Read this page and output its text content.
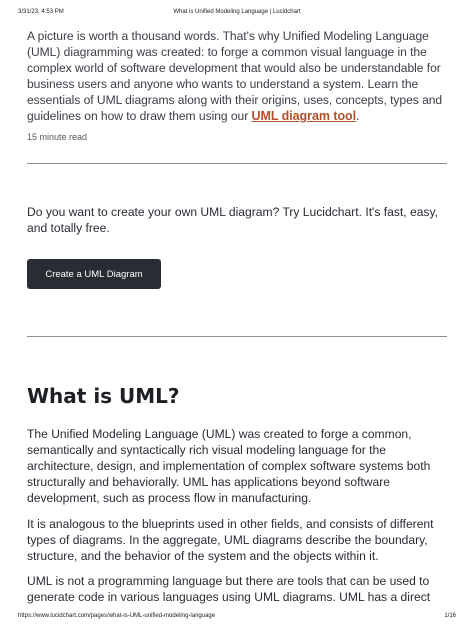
3/31/23, 4:53 PM	What is Unified Modeling Language | Lucidchart

A picture is worth a thousand words. That's why Unified Modeling Language (UML) diagramming was created: to forge a common visual language in the complex world of software development that would also be understandable for business users and anyone who wants to understand a system. Learn the essentials of UML diagrams along with their origins, uses, concepts, types and guidelines on how to draw them using our UML diagram tool.

15 minute read

Do you want to create your own UML diagram? Try Lucidchart. It's fast, easy, and totally free.

Create a UML Diagram
What is UML?

The Unified Modeling Language (UML) was created to forge a common, semantically and syntactically rich visual modeling language for the architecture, design, and implementation of complex software systems both structurally and behaviorally. UML has applications beyond software development, such as process flow in manufacturing.

It is analogous to the blueprints used in other fields, and consists of different types of diagrams. In the aggregate, UML diagrams describe the boundary, structure, and the behavior of the system and the objects within it.

UML is not a programming language but there are tools that can be used to generate code in various languages using UML diagrams. UML has a direct

https://www.lucidchart.com/pages/what-is-UML-unified-modeling-language	1/16
